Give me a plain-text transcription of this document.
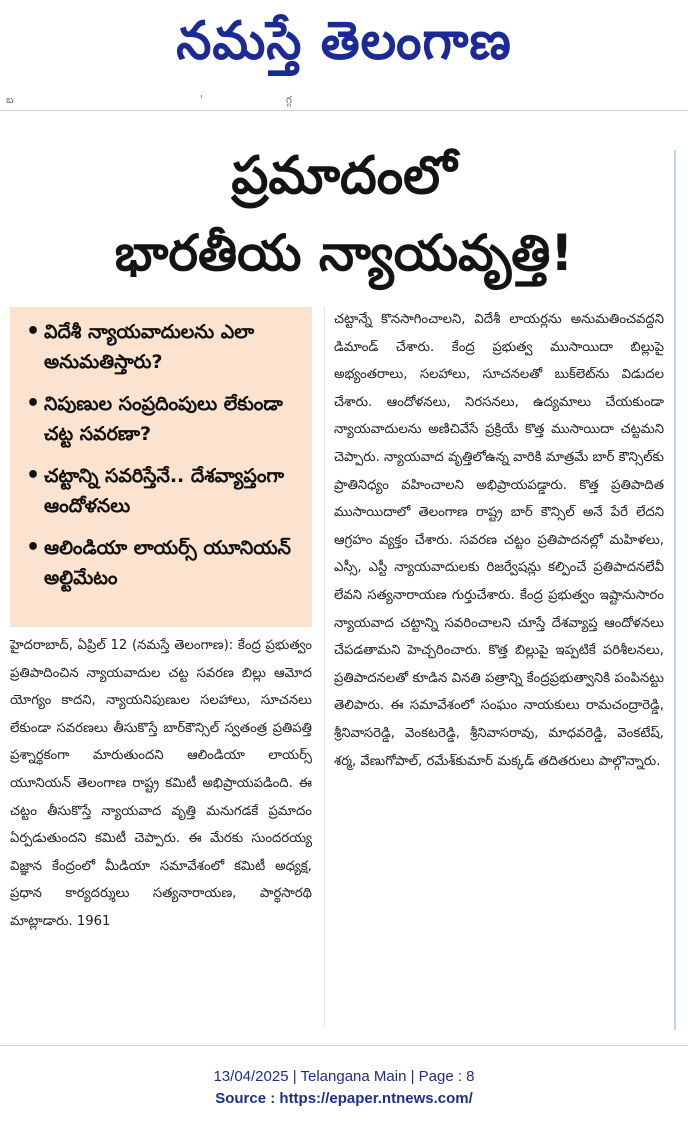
నమస్తే తెలంగాణ
బ	'	గ్గ
ప్రమాదంలో
భారతీయ న్యాయవృత్తి!
• విదేశీ న్యాయవాదులను ఎలా అనుమతిస్తారు?
• నిపుణుల సంప్రదింపులు లేకుండా చట్ట సవరణా?
• చట్టాన్ని సవరిస్తేనే.. దేశవ్యాప్తంగా ఆందోళనలు
• ఆలిండియా లాయర్స్ యూనియన్ అల్టిమేటం

హైదరాబాద్, ఏప్రిల్ 12 (నమస్తే తెలంగాణ): కేంద్ర ప్రభుత్వం ప్రతిపాదించిన న్యాయవాదుల చట్ట సవరణ బిల్లు ఆమోద యోగ్యం కాదని, న్యాయనిపుణుల సలహాలు, సూచనలు లేకుండా సవరణలు తీసుకొస్తే బార్‌కౌన్సిల్ స్వతంత్ర ప్రతిపత్తి ప్రశ్నార్థకంగా మారుతుందని ఆలిండియా లాయర్స్ యూనియన్ తెలంగాణ రాష్ట్ర కమిటీ అభిప్రాయపడింది. ఈ చట్టం తీసుకొస్తే న్యాయవాద వృత్తి మనుగడకే ప్రమాదం ఏర్పడుతుందని కమిటీ చెప్పారు. ఈ మేరకు సుందరయ్య విజ్ఞాన కేంద్రంలో మీడియా సమావేశంలో కమిటీ అధ్యక్ష, ప్రధాన కార్యదర్శులు సత్యనారాయణ, పార్థసారథి మాట్లాడారు. 1961

చట్టాన్నే కొనసాగించాలని, విదేశీ లాయర్లను అనుమతించవద్దని డిమాండ్ చేశారు. కేంద్ర ప్రభుత్వ ముసాయిదా బిల్లుపై అభ్యంతరాలు, సలహాలు, సూచనలతో బుక్‌లెట్‌ను విడుదల చేశారు. ఆందోళనలు, నిరసనలు, ఉద్యమాలు చేయకుండా న్యాయవాదులను అణిచివేసే ప్రక్రియే కొత్త ముసాయిదా చట్టమని చెప్పారు. న్యాయవాద వృత్తిలోఉన్న వారికి మాత్రమే బార్ కౌన్సిల్‌కు ప్రాతినిధ్యం వహించాలని అభిప్రాయపడ్డారు. కొత్త ప్రతిపాదిత ముసాయిదాలో తెలంగాణ రాష్ట్ర బార్ కౌన్సిల్ అనే పేరే లేదని ఆగ్రహం వ్యక్తం చేశారు. సవరణ చట్టం ప్రతిపాదనల్లో మహిళలు, ఎస్సీ, ఎస్టీ న్యాయవాదులకు రిజర్వేషన్లు కల్పించే ప్రతిపాదనలేవీ లేవని సత్యనారాయణ గుర్తుచేశారు. కేంద్ర ప్రభుత్వం ఇష్టానుసారం న్యాయవాద చట్టాన్ని సవరించాలని చూస్తే దేశవ్యాప్త ఆందోళనలు చేపడతామని హెచ్చరించారు. కొత్త బిల్లుపై ఇప్పటికే పరిశీలనలు, ప్రతిపాదనలతో కూడిన వినతి పత్రాన్ని కేంద్రప్రభుత్వానికి పంపినట్టు తెలిపారు. ఈ సమావేశంలో సంఘం నాయకులు రామచంద్రారెడ్డి, శ్రీనివాసరెడ్డి, వెంకటరెడ్డి, శ్రీనివాసరావు, మాధవరెడ్డి, వెంకటేష్, శర్మ, వేణుగోపాల్, రమేశ్‌కుమార్ మక్కడ్ తదితరులు పాల్గొన్నారు.

13/04/2025 | Telangana Main | Page : 8
Source : https://epaper.ntnews.com/
